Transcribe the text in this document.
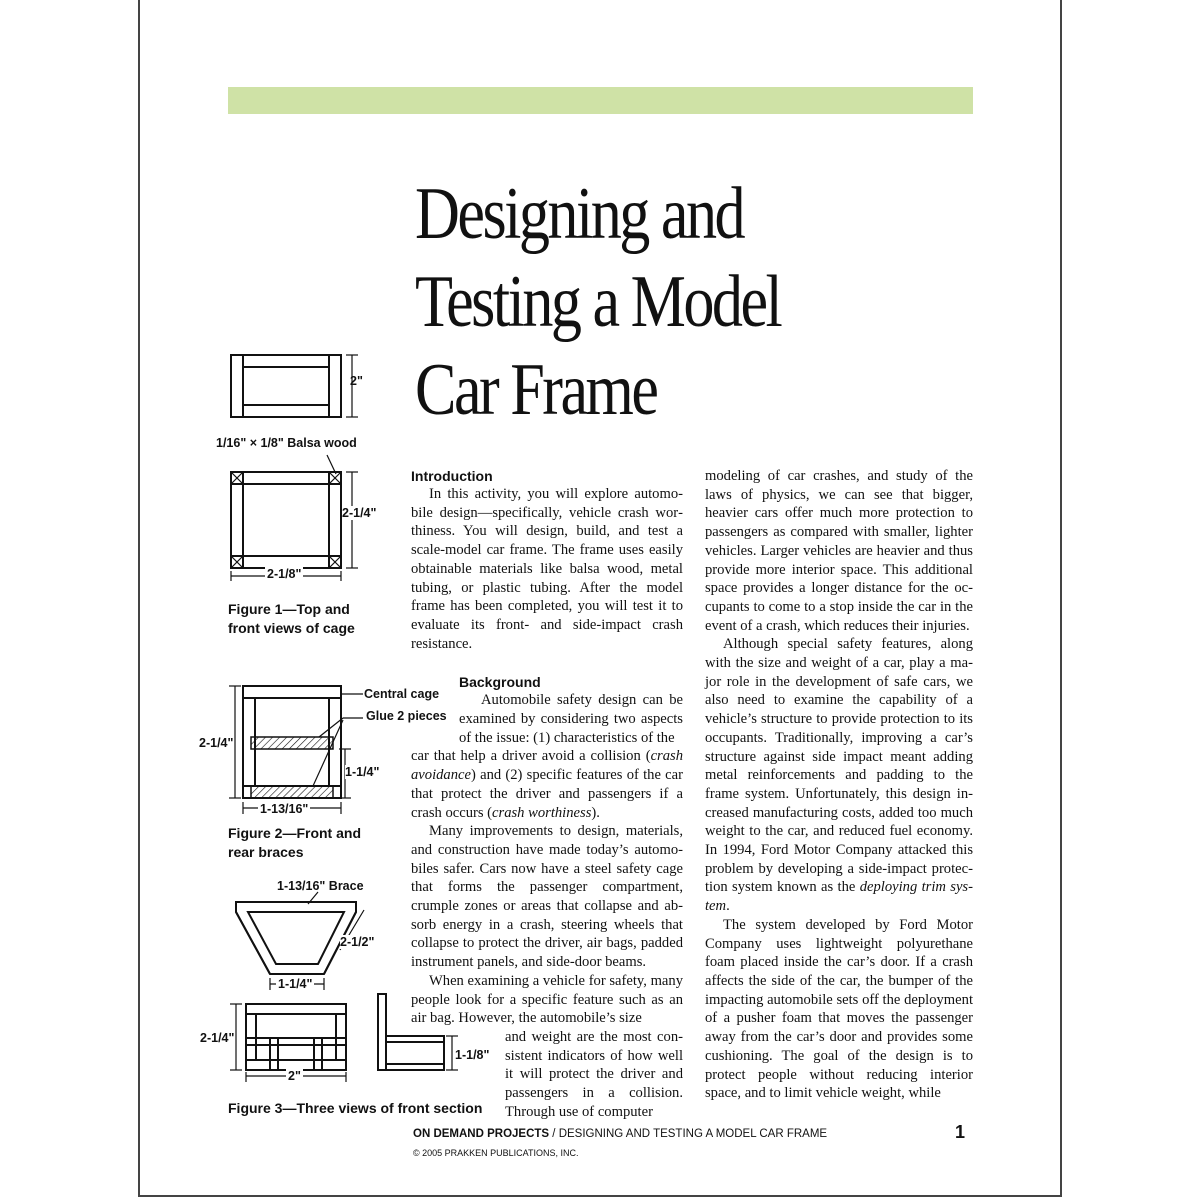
Designing and
Testing a Model
Car Frame
2"
1/16" × 1/8" Balsa wood
2-1/4"
2-1/8"
Figure 1—Top and
front views of cage
Central cage
Glue 2 pieces
2-1/4"
1-1/4"
1-13/16"
Figure 2—Front and
rear braces
1-13/16" Brace
2-1/2"
1-1/4"
2-1/4"
2"
1-1/8"
Figure 3—Three views of front section
Introduction

In this activity, you will explore automobile design—specifically, vehicle crash worthiness. You will design, build, and test a scale-model car frame. The frame uses easily obtainable materials like balsa wood, metal tubing, or plastic tubing. After the model frame has been completed, you will test it to evaluate its front- and side-impact crash resistance.

Background

Automobile safety design can be examined by considering two aspects of the issue: (1) characteristics of the

car that help a driver avoid a collision (crash avoidance) and (2) specific features of the car that protect the driver and passengers if a crash occurs (crash worthiness).

Many improvements to design, materials, and construction have made today’s automobiles safer. Cars now have a steel safety cage that forms the passenger compartment, crumple zones or areas that collapse and absorb energy in a crash, steering wheels that collapse to protect the driver, air bags, padded instrument panels, and side-door beams.

When examining a vehicle for safety, many people look for a specific feature such as an air bag. However, the automobile’s size

and weight are the most consistent indicators of how well it will protect the driver and passengers in a collision. Through use of computer

modeling of car crashes, and study of the laws of physics, we can see that bigger, heavier cars offer much more protection to passengers as compared with smaller, lighter vehicles. Larger vehicles are heavier and thus provide more interior space. This additional space provides a longer distance for the occupants to come to a stop inside the car in the event of a crash, which reduces their injuries.

Although special safety features, along with the size and weight of a car, play a major role in the development of safe cars, we also need to examine the capability of a vehicle’s structure to provide protection to its occupants. Traditionally, improving a car’s structure against side impact meant adding metal reinforcements and padding to the frame system. Unfortunately, this design increased manufacturing costs, added too much weight to the car, and reduced fuel economy. In 1994, Ford Motor Company attacked this problem by developing a side-impact protection system known as the deploying trim system.

The system developed by Ford Motor Company uses lightweight polyurethane foam placed inside the car’s door. If a crash affects the side of the car, the bumper of the impacting automobile sets off the deployment of a pusher foam that moves the passenger away from the car’s door and provides some cushioning. The goal of the design is to protect people without reducing interior space, and to limit vehicle weight, while

ON DEMAND PROJECTS / DESIGNING AND TESTING A MODEL CAR FRAME	1
© 2005 PRAKKEN PUBLICATIONS, INC.
